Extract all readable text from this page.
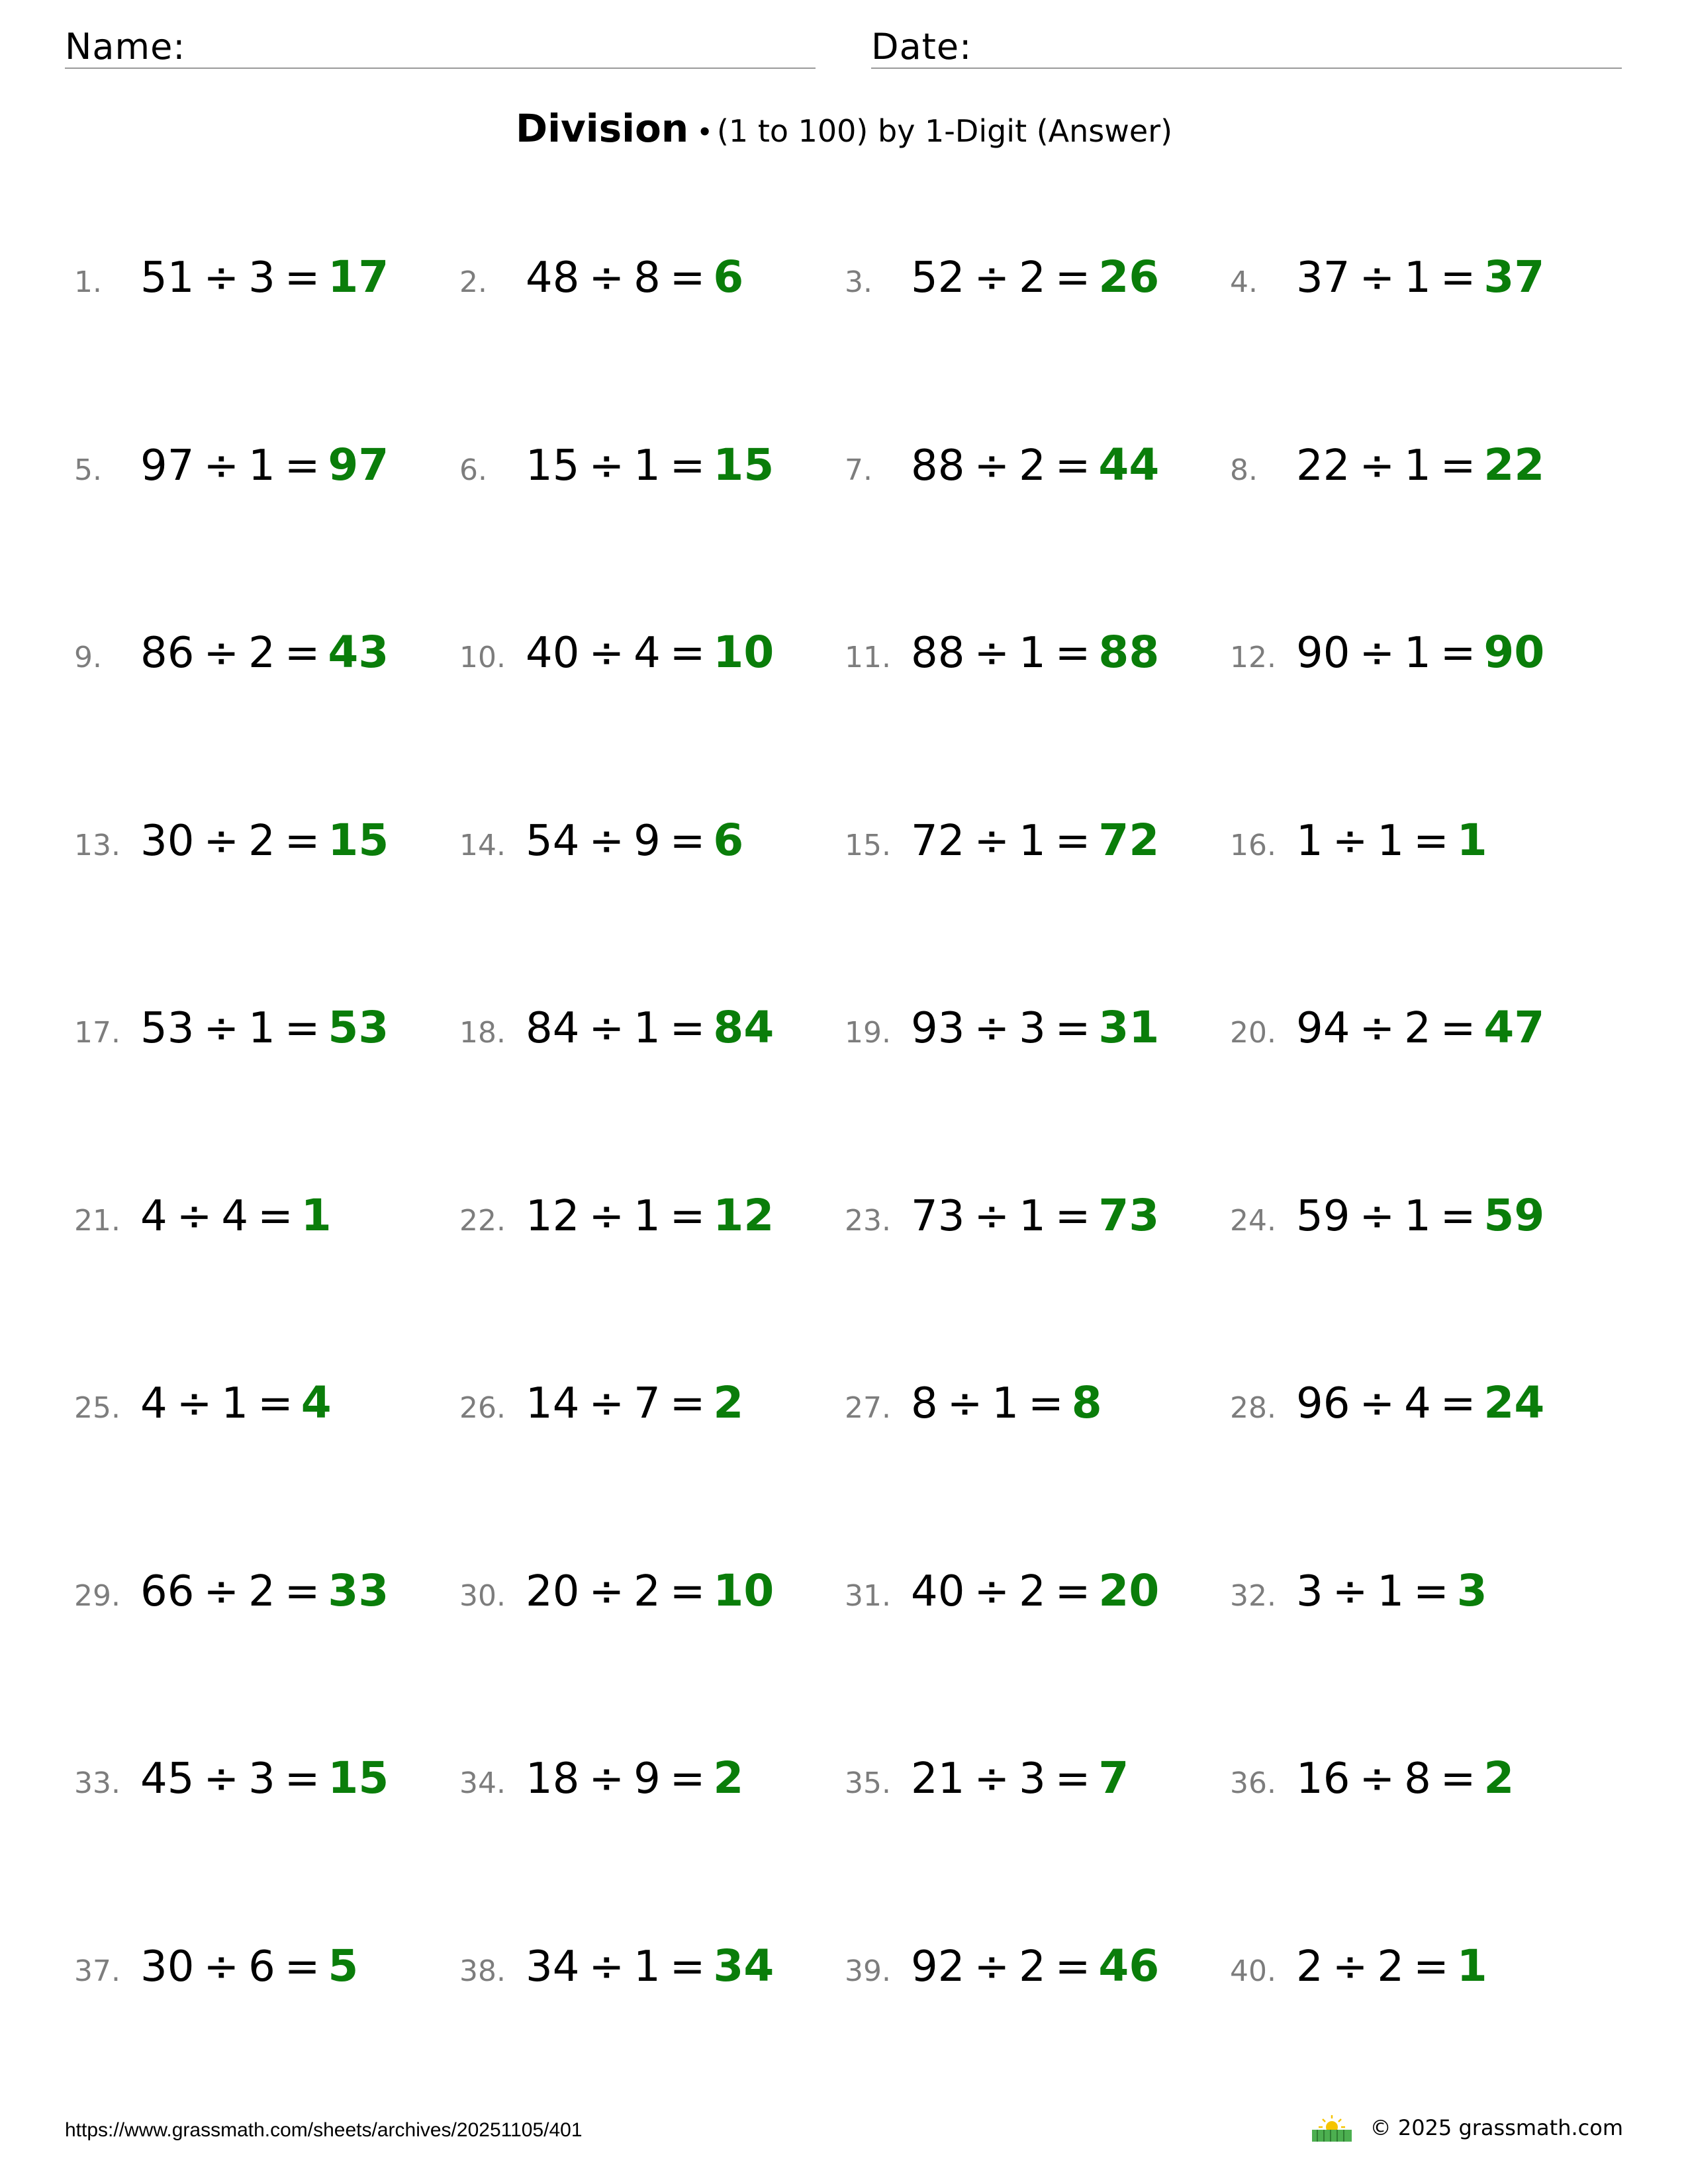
Name:	Date:
Division • (1 to 100) by 1-Digit (Answer)
1. 51 ÷ 3 = 17 2. 48 ÷ 8 = 6	3. 52 ÷ 2 = 26 4. 37 ÷ 1 = 37
5. 97 ÷ 1 = 97 6. 15 ÷ 1 = 15 7. 88 ÷ 2 = 44 8. 22 ÷ 1 = 22
9. 86 ÷ 2 = 43 10. 40 ÷ 4 = 10 11. 88 ÷ 1 = 88 12. 90 ÷ 1 = 90
13. 30 ÷ 2 = 15 14. 54 ÷ 9 = 6	15. 72 ÷ 1 = 72 16. 1 ÷ 1 = 1
17. 53 ÷ 1 = 53 18. 84 ÷ 1 = 84 19. 93 ÷ 3 = 31 20. 94 ÷ 2 = 47
21. 4 ÷ 4 = 1	22. 12 ÷ 1 = 12 23. 73 ÷ 1 = 73 24. 59 ÷ 1 = 59
25. 4 ÷ 1 = 4	26. 14 ÷ 7 = 2	27. 8 ÷ 1 = 8	28. 96 ÷ 4 = 24
29. 66 ÷ 2 = 33 30. 20 ÷ 2 = 10 31. 40 ÷ 2 = 20 32. 3 ÷ 1 = 3
33. 45 ÷ 3 = 15 34. 18 ÷ 9 = 2	35. 21 ÷ 3 = 7	36. 16 ÷ 8 = 2
37. 30 ÷ 6 = 5	38. 34 ÷ 1 = 34 39. 92 ÷ 2 = 46 40. 2 ÷ 2 = 1
https://www.grassmath.com/sheets/archives/20251105/401	© 2025 grassmath.com
